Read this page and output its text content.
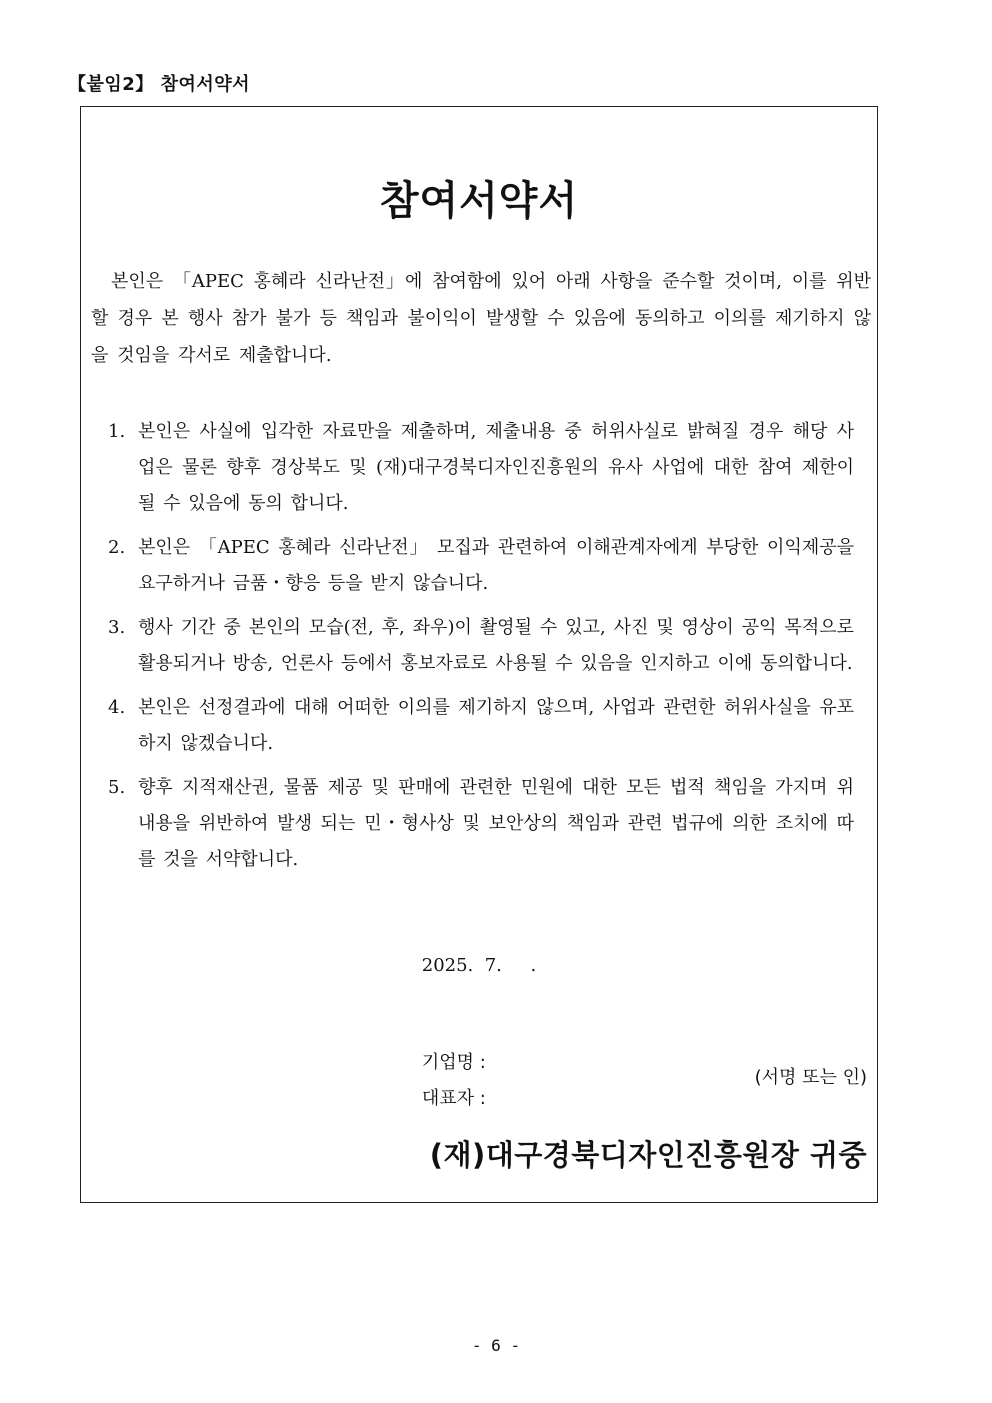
【붙임2】 참여서약서
참여서약서

본인은 「APEC 홍혜라 신라난전」에 참여함에 있어 아래 사항을 준수할 것이며, 이를 위반할 경우 본 행사 참가 불가 등 책임과 불이익이 발생할 수 있음에 동의하고 이의를 제기하지 않을 것임을 각서로 제출합니다.

1. 본인은 사실에 입각한 자료만을 제출하며, 제출내용 중 허위사실로 밝혀질 경우 해당 사업은 물론 향후 경상북도 및 (재)대구경북디자인진흥원의 유사 사업에 대한 참여 제한이 될 수 있음에 동의 합니다.
2. 본인은 「APEC 홍혜라 신라난전」 모집과 관련하여 이해관계자에게 부당한 이익제공을 요구하거나 금품・향응 등을 받지 않습니다.
3. 행사 기간 중 본인의 모습(전, 후, 좌우)이 촬영될 수 있고, 사진 및 영상이 공익 목적으로 활용되거나 방송, 언론사 등에서 홍보자료로 사용될 수 있음을 인지하고 이에 동의합니다.
4. 본인은 선정결과에 대해 어떠한 이의를 제기하지 않으며, 사업과 관련한 허위사실을 유포하지 않겠습니다.
5. 향후 지적재산권, 물품 제공 및 판매에 관련한 민원에 대한 모든 법적 책임을 가지며 위 내용을 위반하여 발생 되는 민・형사상 및 보안상의 책임과 관련 법규에 의한 조치에 따를 것을 서약합니다.
2025.  7.     .

기업명 :

대표자 :

(서명 또는 인)

(재)대구경북디자인진흥원장 귀중
- 6 -
